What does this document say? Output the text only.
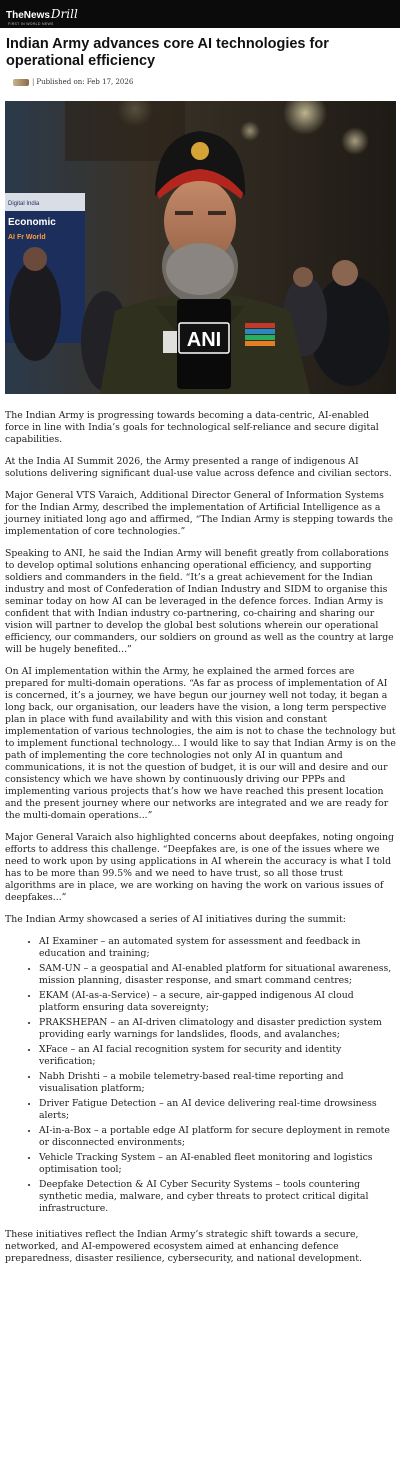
The News Drill
FIRST IN WORLD NEWS
Indian Army advances core AI technologies for operational efficiency
| Published on: Feb 17, 2026
Digital India
Economic
AI Fr World
ANI

The Indian Army is progressing towards becoming a data-centric, AI-enabled force in line with India’s goals for technological self-reliance and secure digital capabilities.

At the India AI Summit 2026, the Army presented a range of indigenous AI solutions delivering significant dual-use value across defence and civilian sectors.

Major General VTS Varaich, Additional Director General of Information Systems for the Indian Army, described the implementation of Artificial Intelligence as a journey initiated long ago and affirmed, “The Indian Army is stepping towards the implementation of core technologies.”

Speaking to ANI, he said the Indian Army will benefit greatly from collaborations to develop optimal solutions enhancing operational efficiency, and supporting soldiers and commanders in the field. “It’s a great achievement for the Indian industry and most of Confederation of Indian Industry and SIDM to organise this seminar today on how AI can be leveraged in the defence forces. Indian Army is confident that with Indian industry co-partnering, co-chairing and sharing our vision will partner to develop the global best solutions wherein our operational efficiency, our commanders, our soldiers on ground as well as the country at large will be hugely benefited...”

On AI implementation within the Army, he explained the armed forces are prepared for multi-domain operations. “As far as process of implementation of AI is concerned, it’s a journey, we have begun our journey well not today, it began a long back, our organisation, our leaders have the vision, a long term perspective plan in place with fund availability and with this vision and constant implementation of various technologies, the aim is not to chase the technology but to implement functional technology... I would like to say that Indian Army is on the path of implementing the core technologies not only AI in quantum and communications, it is not the question of budget, it is our will and desire and our consistency which we have shown by continuously driving our PPPs and implementing various projects that’s how we have reached this present location and the present journey where our networks are integrated and we are ready for the multi-domain operations...”

Major General Varaich also highlighted concerns about deepfakes, noting ongoing efforts to address this challenge. “Deepfakes are, is one of the issues where we need to work upon by using applications in AI wherein the accuracy is what I told has to be more than 99.5% and we need to have trust, so all those trust algorithms are in place, we are working on having the work on various issues of deepfakes...”

The Indian Army showcased a series of AI initiatives during the summit:

• AI Examiner – an automated system for assessment and feedback in education and training;
• SAM-UN – a geospatial and AI-enabled platform for situational awareness, mission planning, disaster response, and smart command centres;
• EKAM (AI-as-a-Service) – a secure, air-gapped indigenous AI cloud platform ensuring data sovereignty;
• PRAKSHEPAN – an AI-driven climatology and disaster prediction system providing early warnings for landslides, floods, and avalanches;
• XFace – an AI facial recognition system for security and identity verification;
• Nabh Drishti – a mobile telemetry-based real-time reporting and visualisation platform;
• Driver Fatigue Detection – an AI device delivering real-time drowsiness alerts;
• AI-in-a-Box – a portable edge AI platform for secure deployment in remote or disconnected environments;
• Vehicle Tracking System – an AI-enabled fleet monitoring and logistics optimisation tool;
• Deepfake Detection & AI Cyber Security Systems – tools countering synthetic media, malware, and cyber threats to protect critical digital infrastructure.

These initiatives reflect the Indian Army’s strategic shift towards a secure, networked, and AI-empowered ecosystem aimed at enhancing defence preparedness, disaster resilience, cybersecurity, and national development.
